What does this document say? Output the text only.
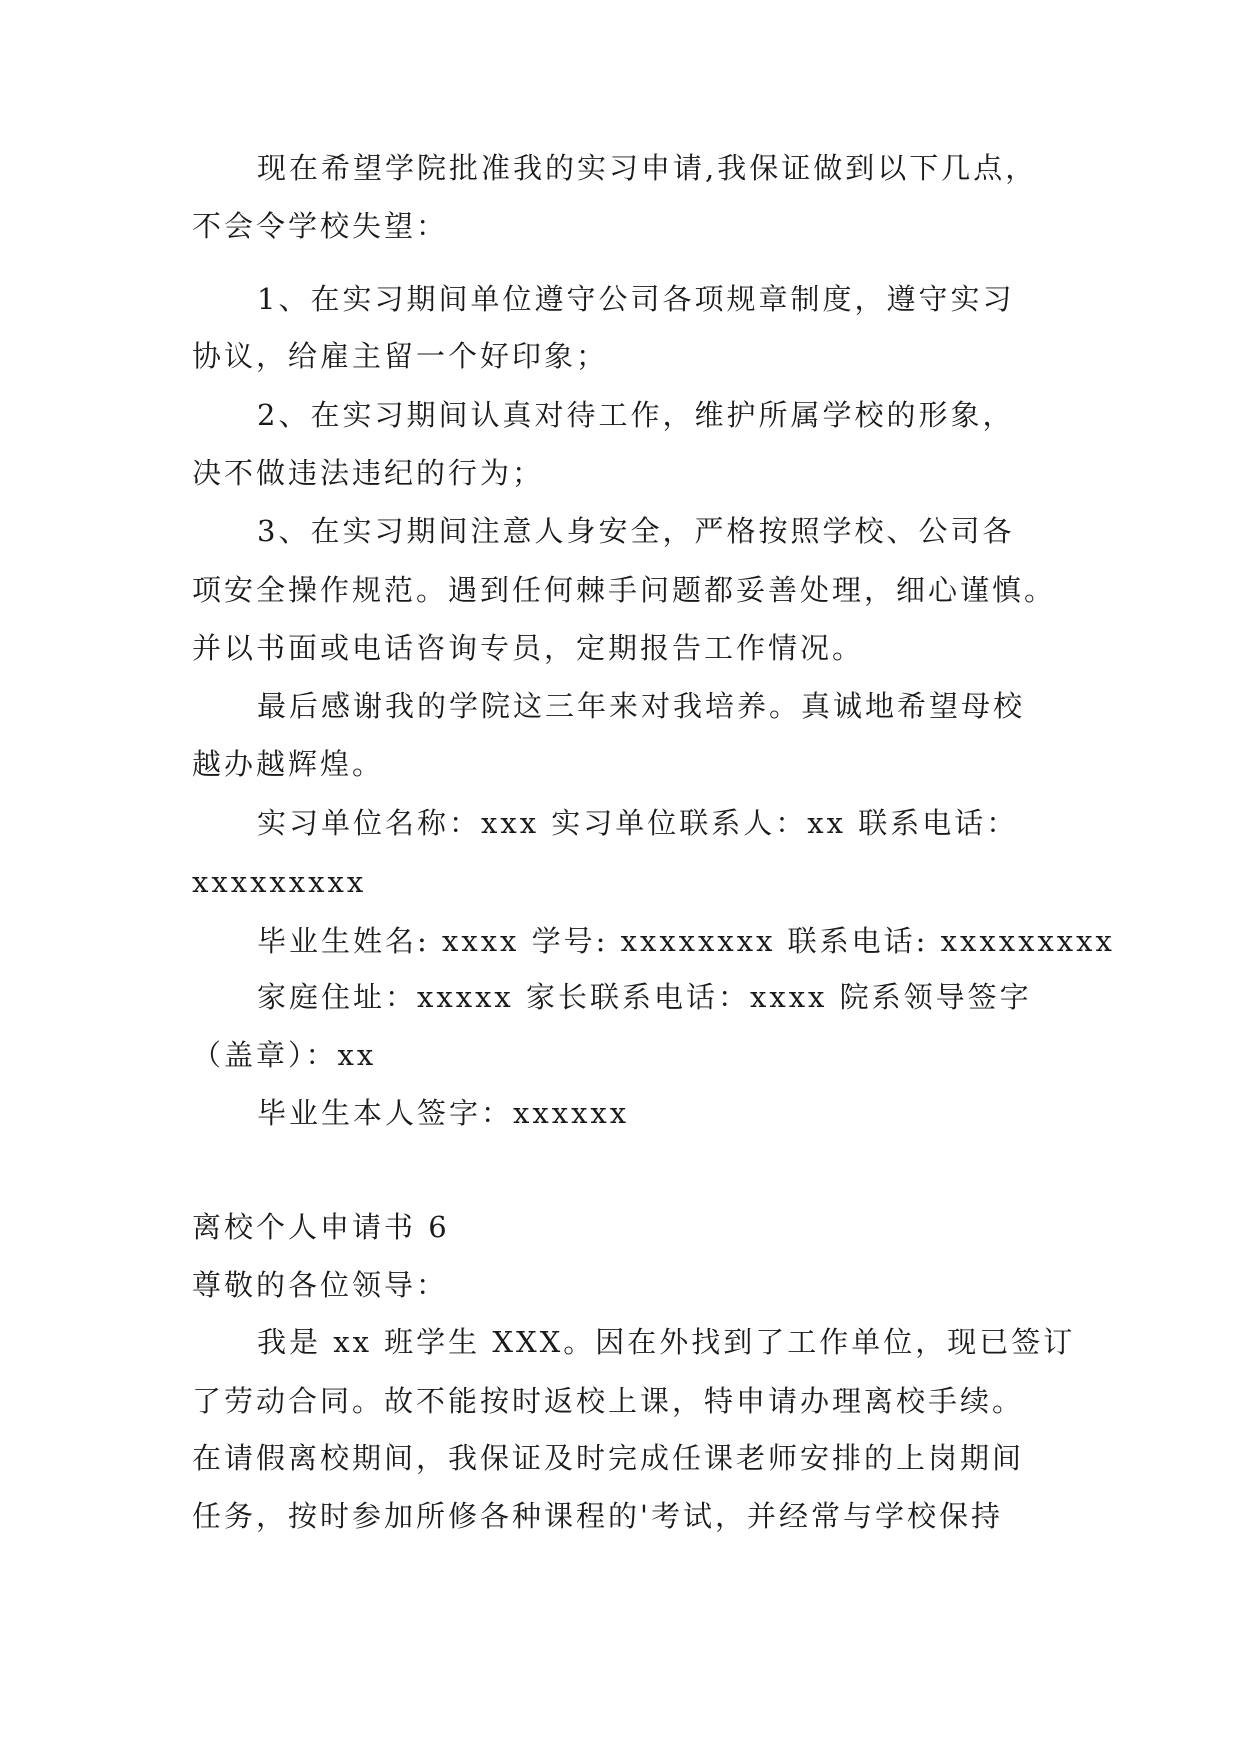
现在希望学院批准我的实习申请,我保证做到以下几点，
不会令学校失望：
1、在实习期间单位遵守公司各项规章制度，遵守实习
协议，给雇主留一个好印象；
2、在实习期间认真对待工作，维护所属学校的形象，
决不做违法违纪的行为；
3、在实习期间注意人身安全，严格按照学校、公司各
项安全操作规范。遇到任何棘手问题都妥善处理，细心谨慎。
并以书面或电话咨询专员，定期报告工作情况。
最后感谢我的学院这三年来对我培养。真诚地希望母校
越办越辉煌。
实习单位名称：xxx 实习单位联系人：xx 联系电话：
xxxxxxxxx
毕业生姓名: xxxx 学号: xxxxxxxx 联系电话: xxxxxxxxx
家庭住址：xxxxx 家长联系电话：xxxx 院系领导签字
（盖章）：xx
毕业生本人签字：xxxxxx
离校个人申请书 6
尊敬的各位领导：
我是 xx 班学生 XXX。因在外找到了工作单位，现已签订
了劳动合同。故不能按时返校上课，特申请办理离校手续。
在请假离校期间，我保证及时完成任课老师安排的上岗期间
任务，按时参加所修各种课程的'考试，并经常与学校保持
